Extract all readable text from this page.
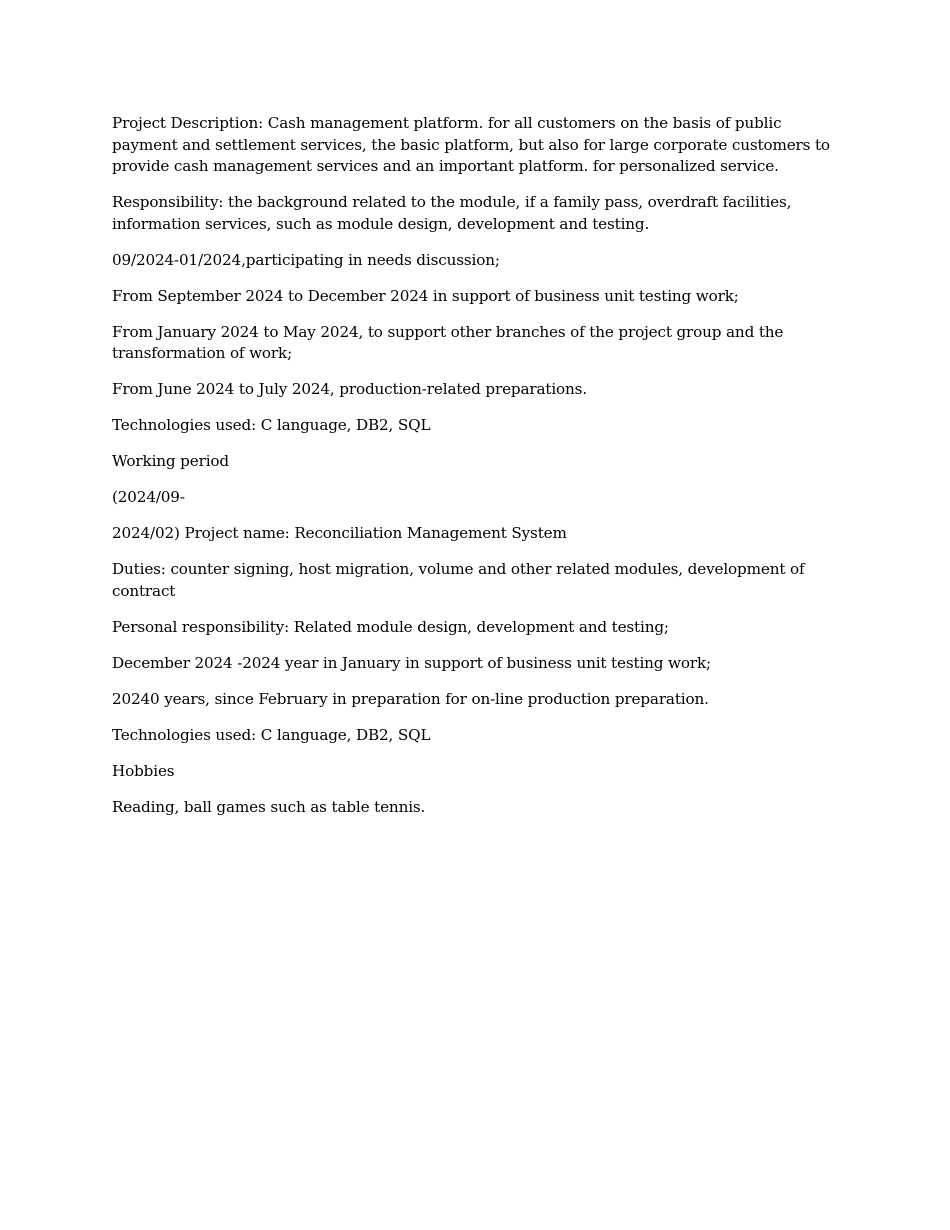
Project Description: Cash management platform. for all customers on the basis of public payment and settlement services, the basic platform, but also for large corporate customers to provide cash management services and an important platform. for personalized service.

Responsibility: the background related to the module, if a family pass, overdraft facilities, information services, such as module design, development and testing.

09/2024-01/2024,participating in needs discussion;

From September 2024 to December 2024 in support of business unit testing work;

From January 2024 to May 2024, to support other branches of the project group and the transformation of work;

From June 2024 to July 2024, production-related preparations.

Technologies used: C language, DB2, SQL

Working period

(2024/09-

2024/02) Project name: Reconciliation Management System

Duties: counter signing, host migration, volume and other related modules, development of contract

Personal responsibility: Related module design, development and testing;

December 2024 -2024 year in January in support of business unit testing work;

20240 years, since February in preparation for on-line production preparation.

Technologies used: C language, DB2, SQL

Hobbies

Reading, ball games such as table tennis.
